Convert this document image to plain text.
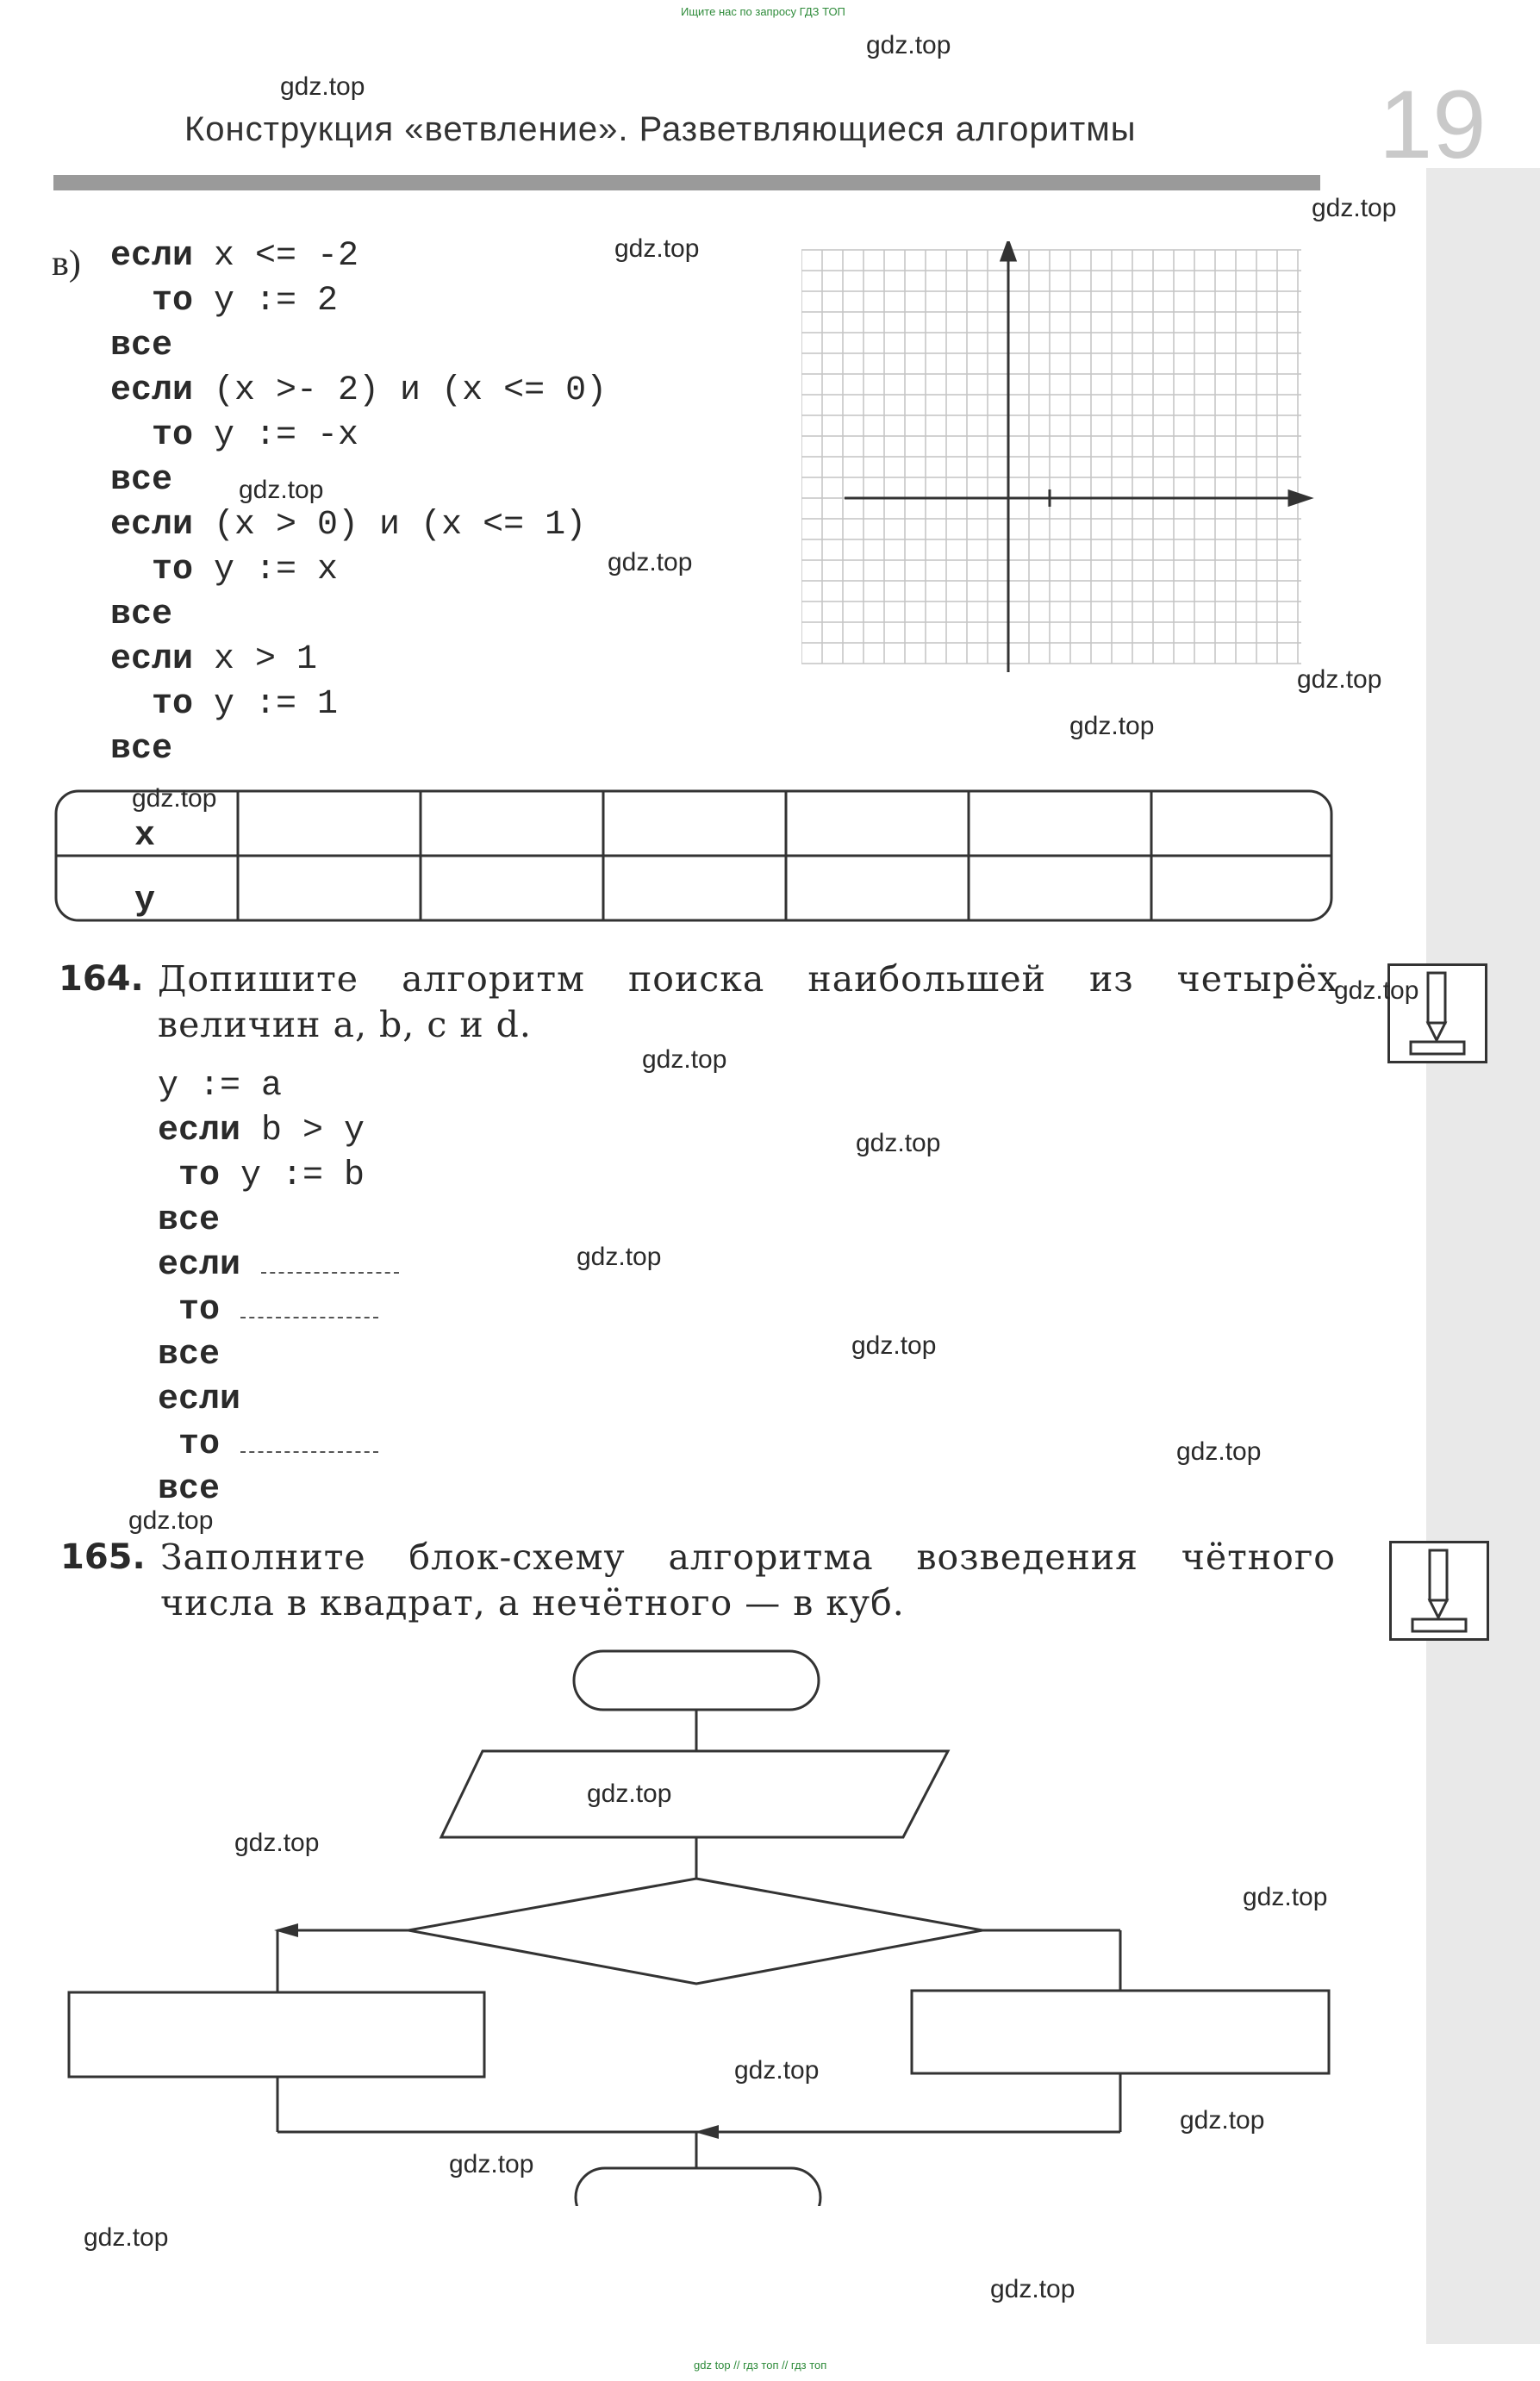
Ищите нас по запросу ГДЗ ТОП
Конструкция «ветвление». Разветвляющиеся алгоритмы	19
в) если x <= -2
то y := 2
все
если (x >- 2) и (x <= 0)
то y := -x
все
если (x > 0) и (x <= 1)
то y := x
все
если x > 1
то y := 1
все
x
y
164. Допишите алгоритм поиска наибольшей из четырёх
величин a, b, c и d.
y := a
если b > y
то y := b
все
если
то
все
если
то
все
165. Заполните блок-схему алгоритма возведения чётного
числа в квадрат, а нечётного — в куб.
gdz top // гдз топ // гдз топ
gdz.top
gdz.top
gdz.top
gdz.top
gdz.top
gdz.top
gdz.top
gdz.top
gdz.top
gdz.top
gdz.top
gdz.top
gdz.top
gdz.top
gdz.top
gdz.top
gdz.top
gdz.top
gdz.top
gdz.top
gdz.top
gdz.top
gdz.top
gdz.top
